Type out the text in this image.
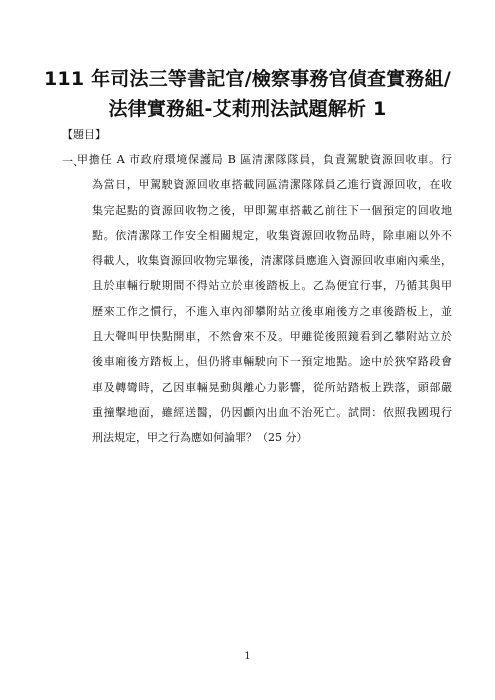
111 年司法三等書記官/檢察事務官偵查實務組/
法律實務組-艾莉刑法試題解析 1
【題目】
一、
甲擔任 A 市政府環境保護局 B 區清潔隊隊員，負責駕駛資源回收車。行
為當日，甲駕駛資源回收車搭載同區清潔隊隊員乙進行資源回收，在收
集完起點的資源回收物之後，甲即駕車搭載乙前往下一個預定的回收地
點。依清潔隊工作安全相關規定，收集資源回收物品時，除車廂以外不
得載人，收集資源回收物完畢後，清潔隊員應進入資源回收車廂內乘坐，
且於車輛行駛期間不得站立於車後踏板上。乙為便宜行事，乃循其與甲
歷來工作之慣行，不進入車內卻攀附站立後車廂後方之車後踏板上，並
且大聲叫甲快點開車，不然會來不及。甲雖從後照鏡看到乙攀附站立於
後車廂後方踏板上，但仍將車輛駛向下一預定地點。途中於狹窄路段會
車及轉彎時，乙因車輛晃動與離心力影響，從所站踏板上跌落，頭部嚴
重撞擊地面，雖經送醫，仍因顱內出血不治死亡。試問：依照我國現行
刑法規定，甲之行為應如何論罪？（25 分）
1
